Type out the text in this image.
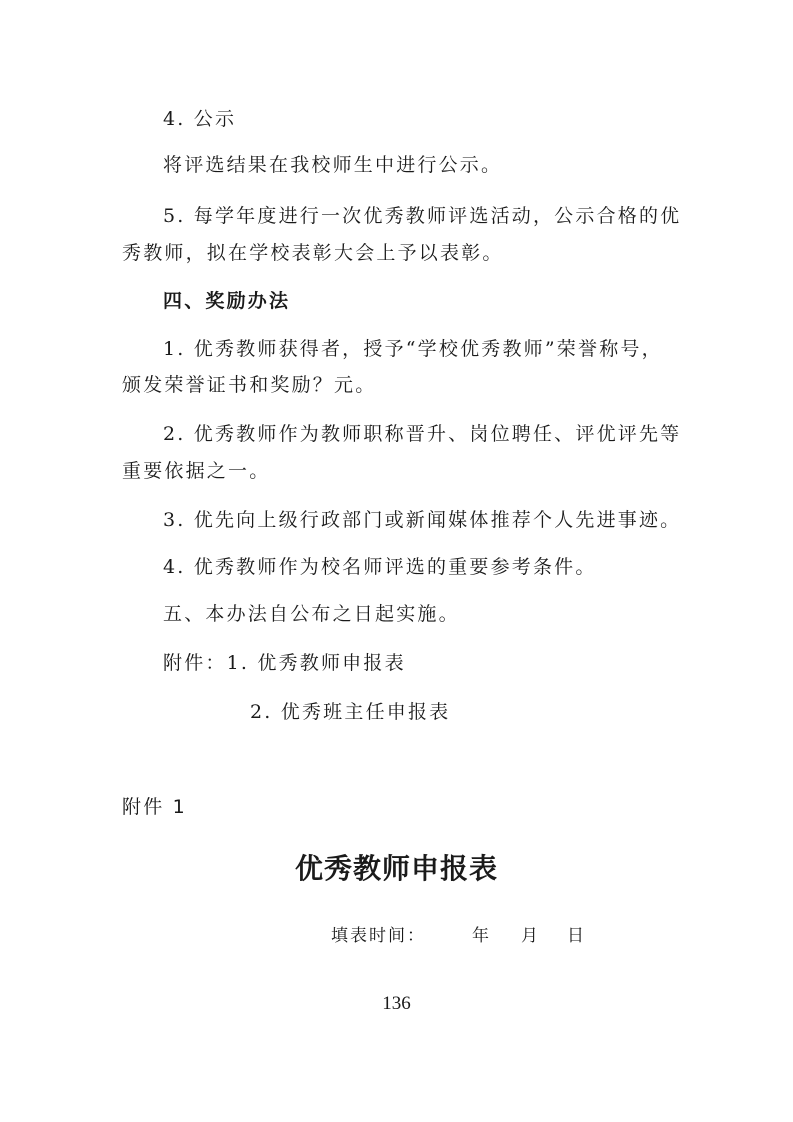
4. 公示
将评选结果在我校师生中进行公示。
5. 每学年度进行一次优秀教师评选活动，公示合格的优
秀教师，拟在学校表彰大会上予以表彰。
四、奖励办法
1. 优秀教师获得者，授予“学校优秀教师”荣誉称号，
颁发荣誉证书和奖励？元。
2. 优秀教师作为教师职称晋升、岗位聘任、评优评先等
重要依据之一。
3. 优先向上级行政部门或新闻媒体推荐个人先进事迹。
4. 优秀教师作为校名师评选的重要参考条件。
五、本办法自公布之日起实施。
附件：1. 优秀教师申报表
2. 优秀班主任申报表
附件 1
优秀教师申报表
填表时间：	年 月 日
136
